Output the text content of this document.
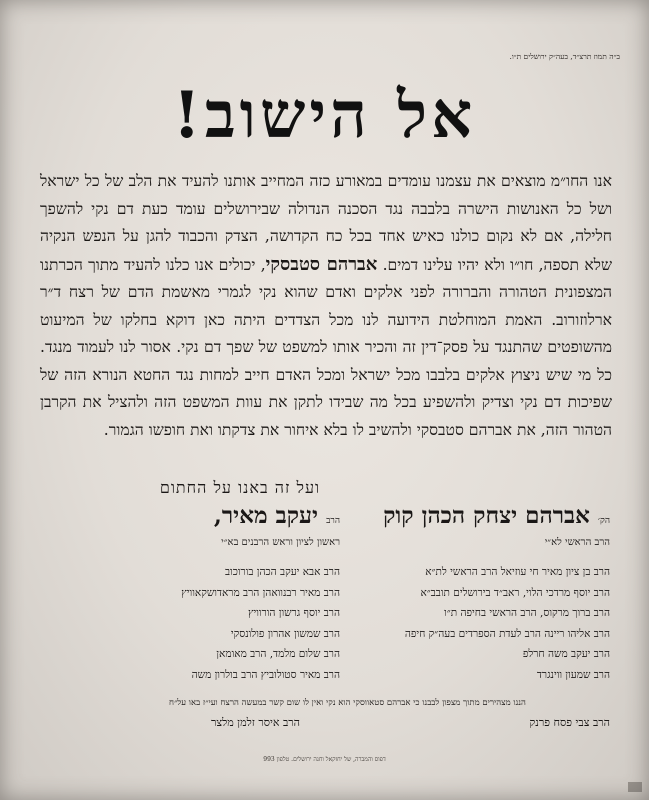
ב״ה תמוז תרצ״ד, בעה״ק ירושלים ת״ו.
אל הישוב!
אנו החו״מ מוצאים את עצמנו עומדים במאורע כזה המחייב אותנו להעיד את הלב של כל ישראל ושל כל האנושות הישרה בלבבה נגד הסכנה הנדולה שבירושלים עומד כעת דם נקי להשפך חלילה, אם לא נקום כולנו כאיש אחד בכל כח הקדושה, הצדק והכבוד להגן על הנפש הנקיה שלא תספה, חו״ו ולא יהיו עלינו דמים. אברהם סטבסקי, יכולים אנו כלנו להעיד מתוך הכרתנו המצפונית הטהורה והברורה לפני אלקים ואדם שהוא נקי לגמרי מאשמת הדם של רצח ד״ר ארלוזורוב. האמת המוחלטת הידועה לנו מכל הצדדים היתה כאן דוקא בחלקו של המיעוט מהשופטים שהתנגד על פסק־דין זה והכיר אותו למשפט של שפך דם נקי. אסור לנו לעמוד מנגד. כל מי שיש ניצוץ אלקים בלבבו מכל ישראל ומכל האדם חייב למחות נגד החטא הנורא הזה של שפיכות דם נקי וצדיק ולהשפיע בכל מה שבידו לתקן את עוות המשפט הזה ולהציל את הקרבן הטהור הזה, את אברהם סטבסקי ולהשיב לו בלא איחור את צדקתו ואת חופשו הגמור.
ועל זה באנו על החתום
הק׳ אברהם יצחק הכהן קוק
הרב הראשי לא״י
הרב יעקב מאיר,
ראשון לציון וראש הרבנים בא״י
הרב בן ציון מאיר חי עוזיאל הרב הראשי לת״א
הרב יוסף מרדכי הלוי, ראב״ד בירושלים תובב״א
הרב ברוך מרקוס, הרב הראשי בחיפה ת״ו
הרב אליהו ריינה הרב לעדת הספרדים בעה״ק חיפה
הרב יעקב משה חרלפ
הרב שמעון ווינגרד
הרב אבא יעקב הכהן בורוכוב
הרב מאיר רבנוואהן הרב מראדושקאוויץ
הרב יוסף גרשון הורוויץ
הרב שמשון אהרון פולונסקי
הרב שלום מלמד, הרב מאומאן
הרב מאיר סטולוביץ הרב בולרון משה
הננו מצהירים מתוך מצפון לבבנו כי אברהם סטאווסקי הוא נקי ואין לו שום קשר במעשה הרצח ועי״ז באו על״ח
הרב צבי פסח פרנק
הרב איסר זלמן מלצר
דפוס והמברה, של יחזקאל וחנה ירושלים. טלפון 993
